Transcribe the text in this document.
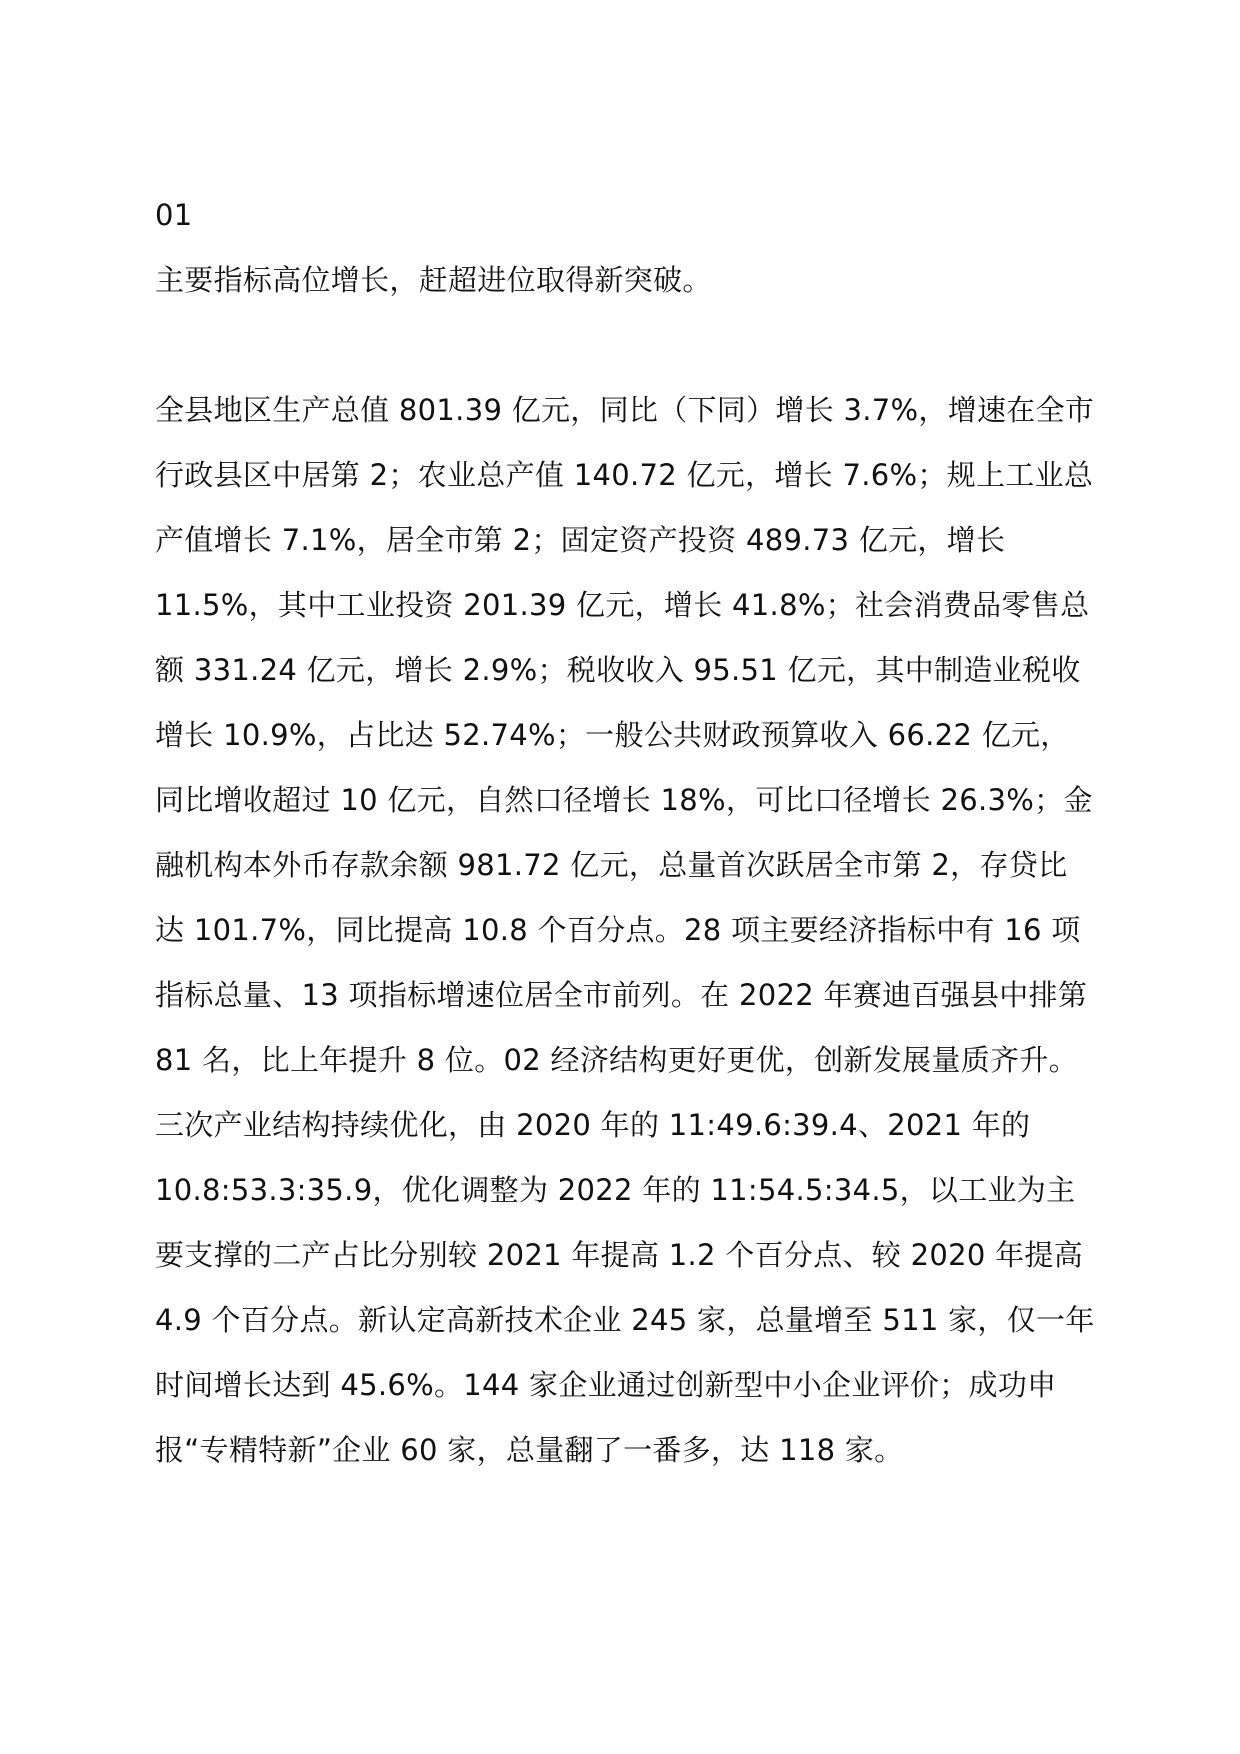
01

主要指标高位增长，赶超进位取得新突破。

全县地区生产总值 801.39 亿元，同比（下同）增长 3.7%，增速在全市行政县区中居第 2；农业总产值 140.72 亿元，增长 7.6%；规上工业总产值增长 7.1%，居全市第 2；固定资产投资 489.73 亿元，增长 11.5%，其中工业投资 201.39 亿元，增长 41.8%；社会消费品零售总额 331.24 亿元，增长 2.9%；税收收入 95.51 亿元，其中制造业税收增长 10.9%，占比达 52.74%；一般公共财政预算收入 66.22 亿元，同比增收超过 10 亿元，自然口径增长 18%，可比口径增长 26.3%；金融机构本外币存款余额 981.72 亿元，总量首次跃居全市第 2，存贷比达 101.7%，同比提高 10.8 个百分点。28 项主要经济指标中有 16 项指标总量、13 项指标增速位居全市前列。在 2022 年赛迪百强县中排第 81 名，比上年提升 8 位。02 经济结构更好更优，创新发展量质齐升。

三次产业结构持续优化，由 2020 年的 11:49.6:39.4、2021 年的 10.8:53.3:35.9，优化调整为 2022 年的 11:54.5:34.5，以工业为主要支撑的二产占比分别较 2021 年提高 1.2 个百分点、较 2020 年提高 4.9 个百分点。新认定高新技术企业 245 家，总量增至 511 家，仅一年时间增长达到 45.6%。144 家企业通过创新型中小企业评价；成功申报“专精特新”企业 60 家，总量翻了一番多，达 118 家。
